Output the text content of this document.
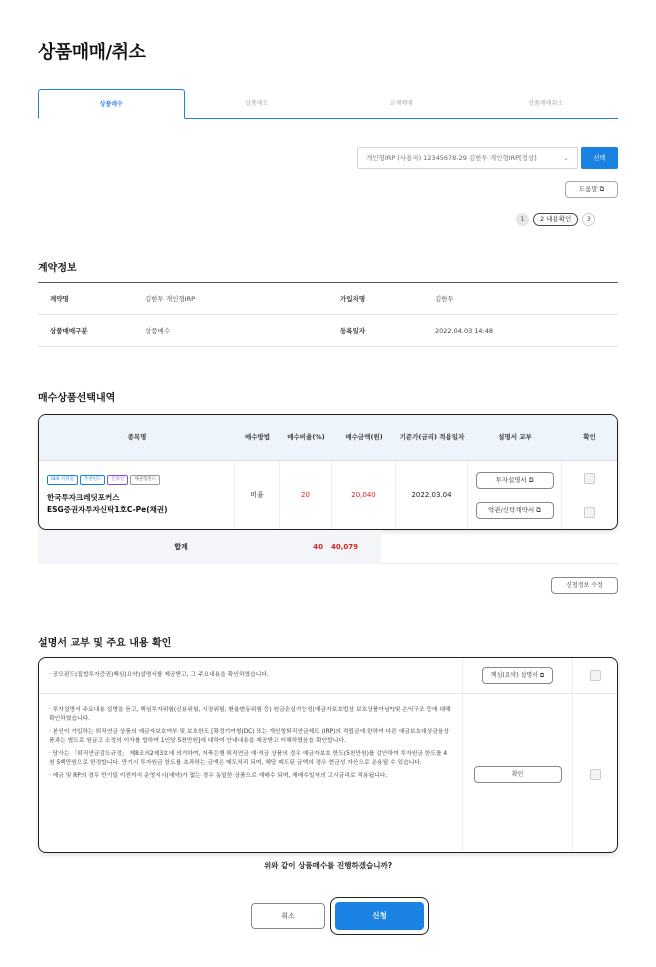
상품매매/취소
상품매수	상품매도	교체매매	상품매매취소
개인형IRP (사용자) 12345678-29 김한투 개인형IRP[정상]	⌄	선택
도움말 ⧉
1	2 내용확인	3
계약정보
계약명	김한투 개인형IRP	가입자명	김한투
상품매매구분	상품매수	등록일자	2022.04.03 14:48
매수상품선택내역
종목명	매수방법	매수비율(%)	매수금액(원)	기준가(금리) 적용일자	설명서 교부	확인
IBIII 저위험	추천펀드	온라인	채권형펀드
한국투자크레딧포커스
ESG증권자투자신탁1호C-Pe(채권)
비율	20	20,040	2022.03.04
투자설명서 ⧉
약관/신탁계약서 ⧉
합계	40	40,079
신청정보 수정
설명서 교부 및 주요 내용 확인

· 공모펀드(집합투자증권)핵심(요약)설명서를 제공받고, 그 주요내용을 확인하였습니다.	핵심(요약) 설명서 ⧉

· 투자설명서 주요내용 설명을 듣고, 핵심투자위험(신용위험, 시장위험, 환율변동위험 등) 원금손실가능성(예금자보호법상 보호상품아님*)및 손익구조 등에 대해 확인하였습니다.

· 본인이 가입하는 퇴직연금 상품의 예금자보호여부 및 보호한도 [확정기여형(DC) 또는 개인형퇴직연금제도 (IRP)의 적립금에 한하여 다른 예금보호대상금융상품과는 별도로 원금고 소정의 이자를 합하여 1인당 5천만원]에 대하여 안내내용을 제공받고 이해하였음을 확인합니다.

· 당사는 「퇴직연금감도규정」 제8조의2제3호에 의거하여, 저축은행 퇴직연금 예·적금 상품의 경우 예금자보호 한도(5천만원)를 감안하여 투자원금 한도를 4천 5백만원으로 한정합니다. 만기시 투자원금 한도를 초과하는 금액은 매도처리 되며, 해당 매도된 금액의 경우 현금성 자산으로 운용될 수 있습니다.

· 예금 및 RP의 경우 만기일 이전까지 운영지시(예약)가 없는 경우 동일한 상품으로 재매수 되며, 재매수일자의 고시금리로 적용됩니다.	확인
위와 같이 상품매수를 진행하겠습니까?
취소	신청
